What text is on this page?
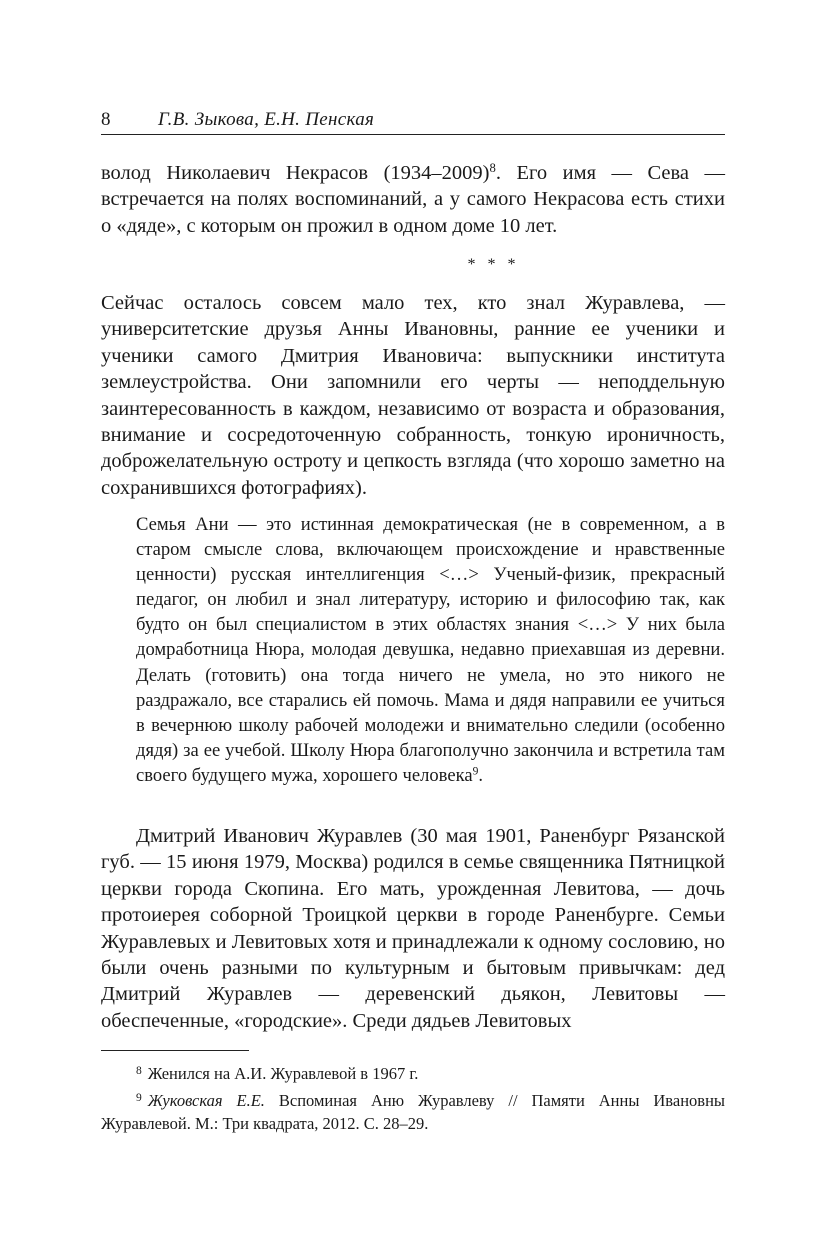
8	Г.В. Зыкова, Е.Н. Пенская

волод Николаевич Некрасов (1934–2009)$^8$. Его имя — Сева — встречается на полях воспоминаний, а у самого Некрасова есть стихи о «дяде», с которым он прожил в одном доме 10 лет.

* * *

Сейчас осталось совсем мало тех, кто знал Журавлева, — университетские друзья Анны Ивановны, ранние ее ученики и ученики самого Дмитрия Ивановича: выпускники института землеустройства. Они запомнили его черты — неподдельную заинтересованность в каждом, независимо от возраста и образования, внимание и сосредоточенную собранность, тонкую ироничность, доброжелательную остроту и цепкость взгляда (что хорошо заметно на сохранившихся фотографиях).

Семья Ани — это истинная демократическая (не в современном, а в старом смысле слова, включающем происхождение и нравственные ценности) русская интеллигенция <…> Ученый-физик, прекрасный педагог, он любил и знал литературу, историю и философию так, как будто он был специалистом в этих областях знания <…> У них была домработница Нюра, молодая девушка, недавно приехавшая из деревни. Делать (готовить) она тогда ничего не умела, но это никого не раздражало, все старались ей помочь. Мама и дядя направили ее учиться в вечернюю школу рабочей молодежи и внимательно следили (особенно дядя) за ее учебой. Школу Нюра благополучно закончила и встретила там своего будущего мужа, хорошего человека$^9$.

Дмитрий Иванович Журавлев (30 мая 1901, Раненбург Рязанской губ. — 15 июня 1979, Москва) родился в семье священника Пятницкой церкви города Скопина. Его мать, урожденная Левитова, — дочь протоиерея соборной Троицкой церкви в городе Раненбурге. Семьи Журавлевых и Левитовых хотя и принадлежали к одному сословию, но были очень разными по культурным и бытовым привычкам: дед Дмитрий Журавлев — деревенский дьякон, Левитовы — обеспеченные, «городские». Среди дядьев Левитовых

$^8$ Женился на А.И. Журавлевой в 1967 г.

$^9$ Жуковская Е.Е. Вспоминая Аню Журавлеву // Памяти Анны Ивановны Журавлевой. М.: Три квадрата, 2012. С. 28–29.
